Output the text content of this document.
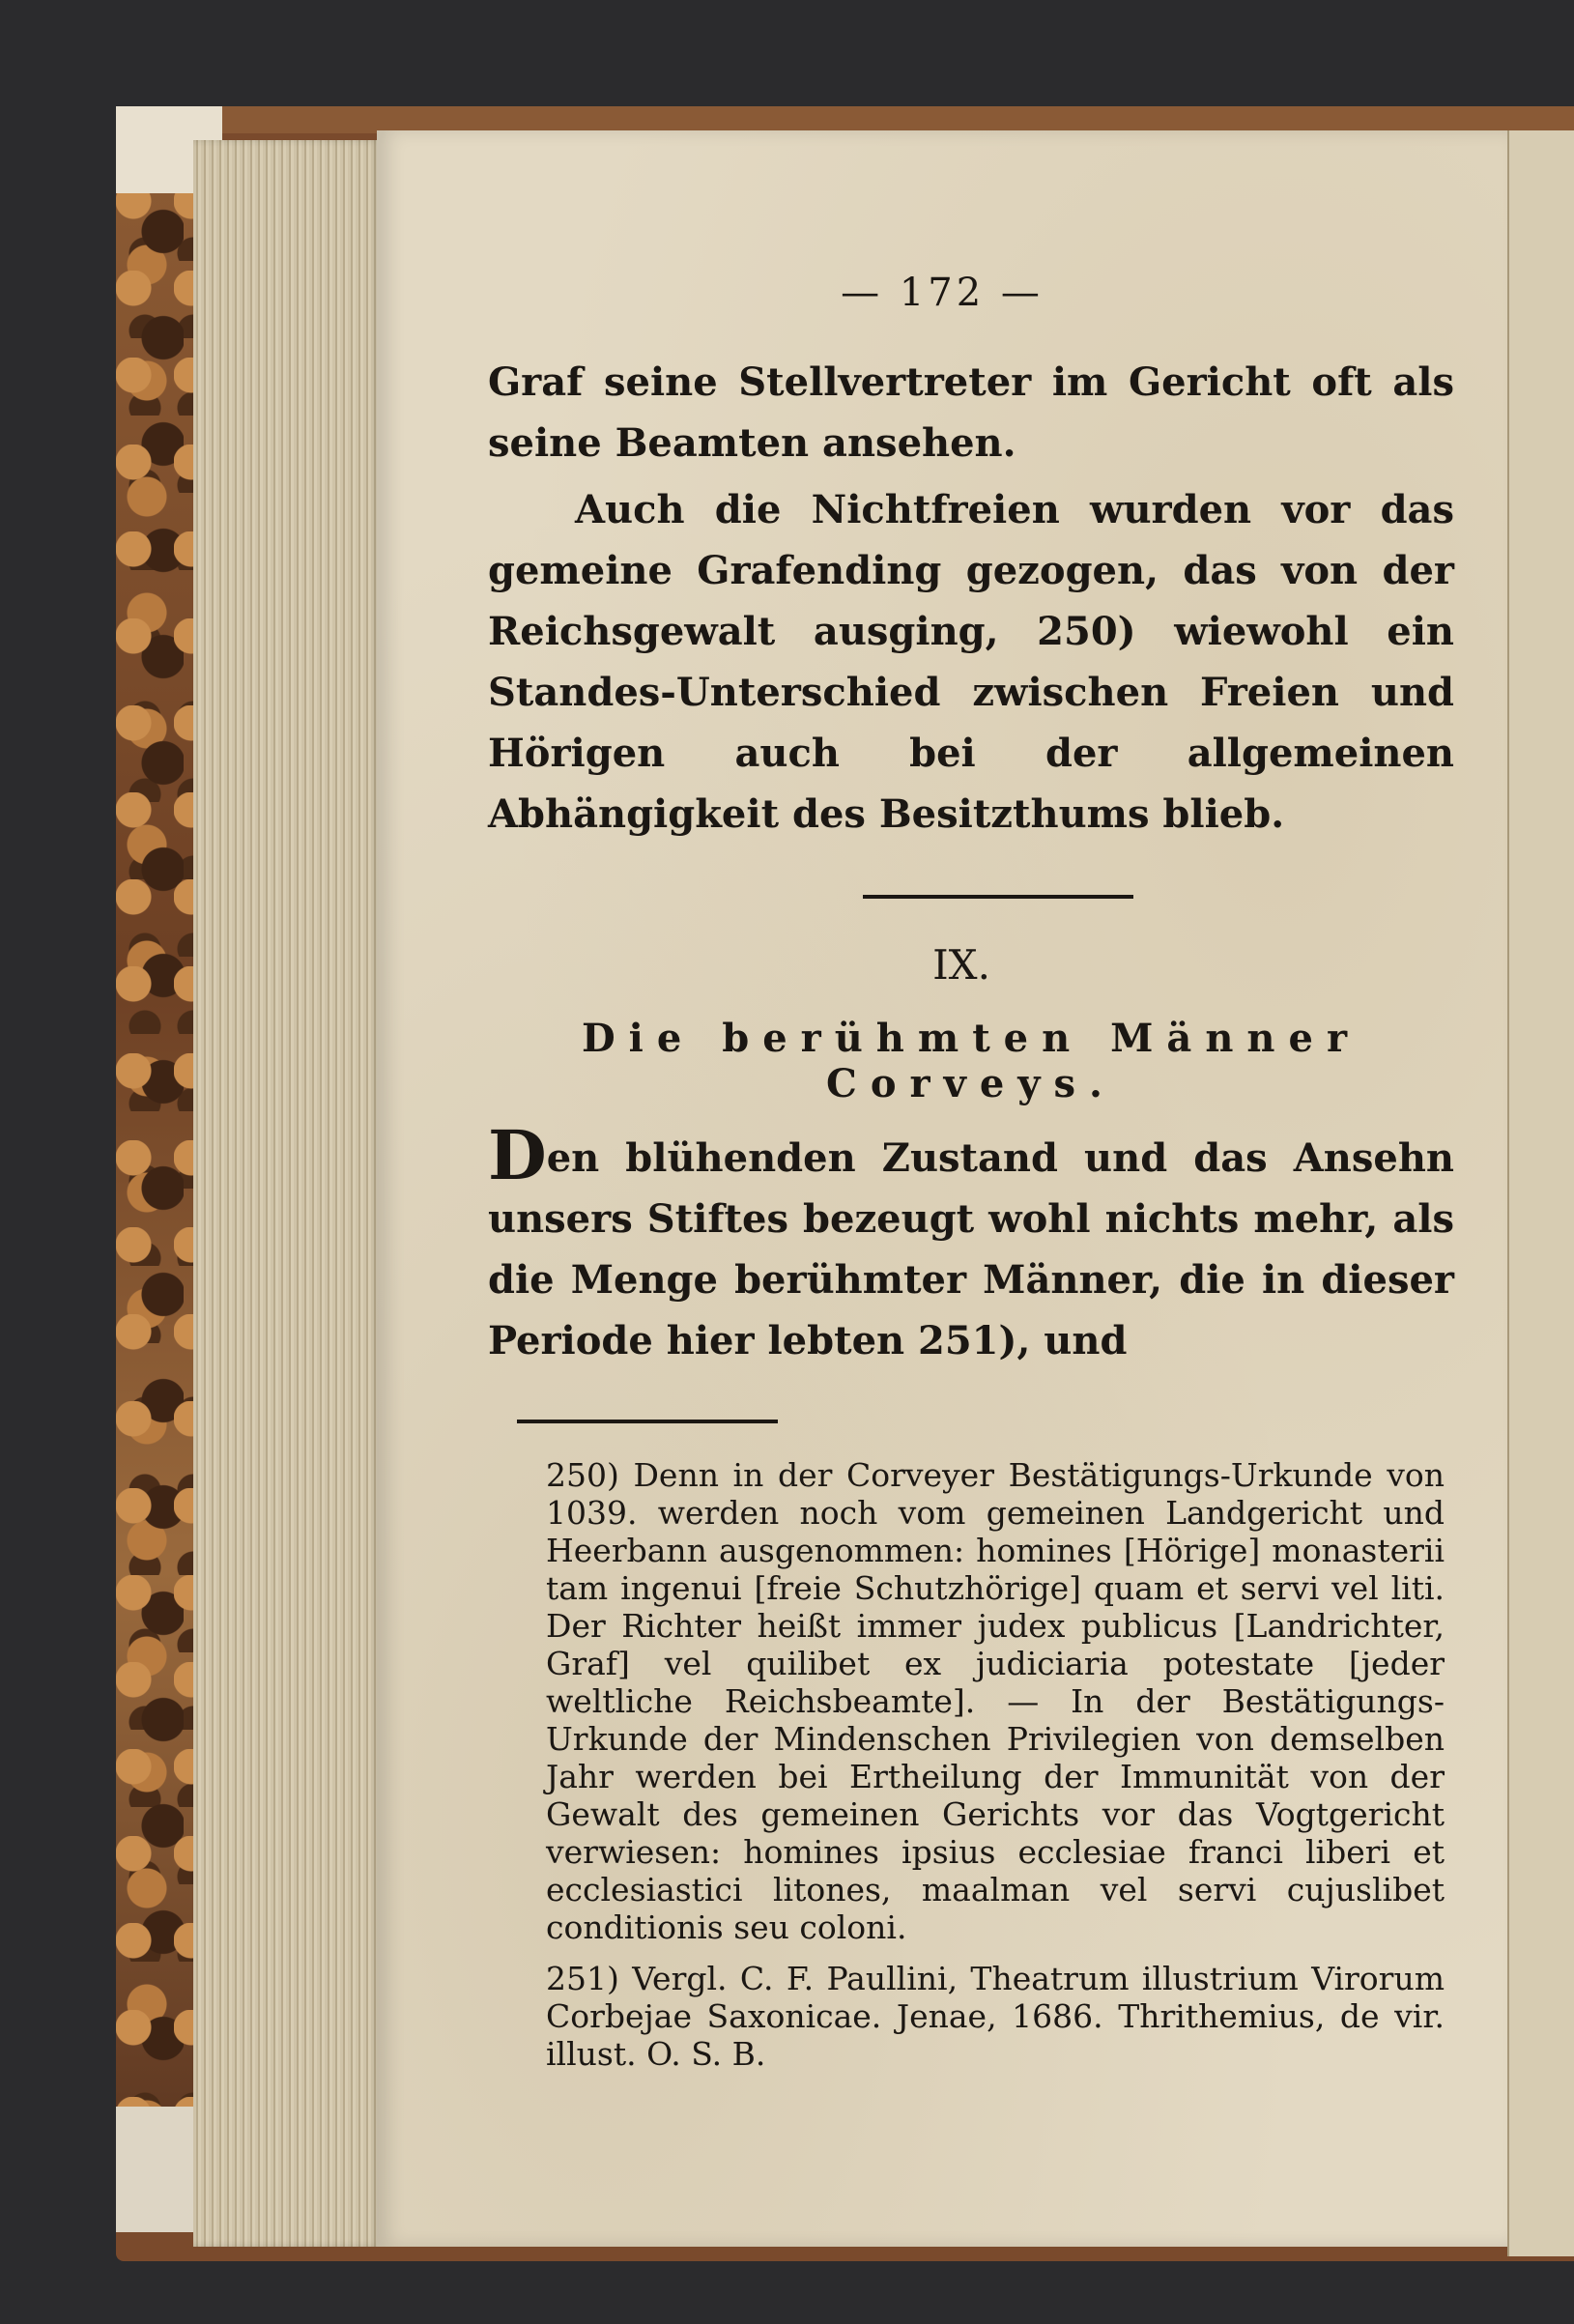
— 172 —

Graf seine Stellvertreter im Gericht oft als seine Beamten ansehen.

Auch die Nichtfreien wurden vor das gemeine Grafending gezogen, das von der Reichsgewalt ausging, 250) wiewohl ein Standes-Unterschied zwischen Freien und Hörigen auch bei der allgemeinen Abhängigkeit des Besitzthums blieb.

IX.
Die berühmten Männer Corveys.

Den blühenden Zustand und das Ansehn unsers Stiftes bezeugt wohl nichts mehr, als die Menge berühmter Männer, die in dieser Periode hier lebten 251), und

250) Denn in der Corveyer Bestätigungs-Urkunde von 1039. werden noch vom gemeinen Landgericht und Heerbann ausgenommen: homines [Hörige] monasterii tam ingenui [freie Schutzhörige] quam et servi vel liti. Der Richter heißt immer judex publicus [Landrichter, Graf] vel quilibet ex judiciaria potestate [jeder weltliche Reichsbeamte]. — In der Bestätigungs-Urkunde der Mindenschen Privilegien von demselben Jahr werden bei Ertheilung der Immunität von der Gewalt des gemeinen Gerichts vor das Vogtgericht verwiesen: homines ipsius ecclesiae franci liberi et ecclesiastici litones, maalman vel servi cujuslibet conditionis seu coloni.

251) Vergl. C. F. Paullini, Theatrum illustrium Virorum Corbejae Saxonicae. Jenae, 1686. Thrithemius, de vir. illust. O. S. B.
